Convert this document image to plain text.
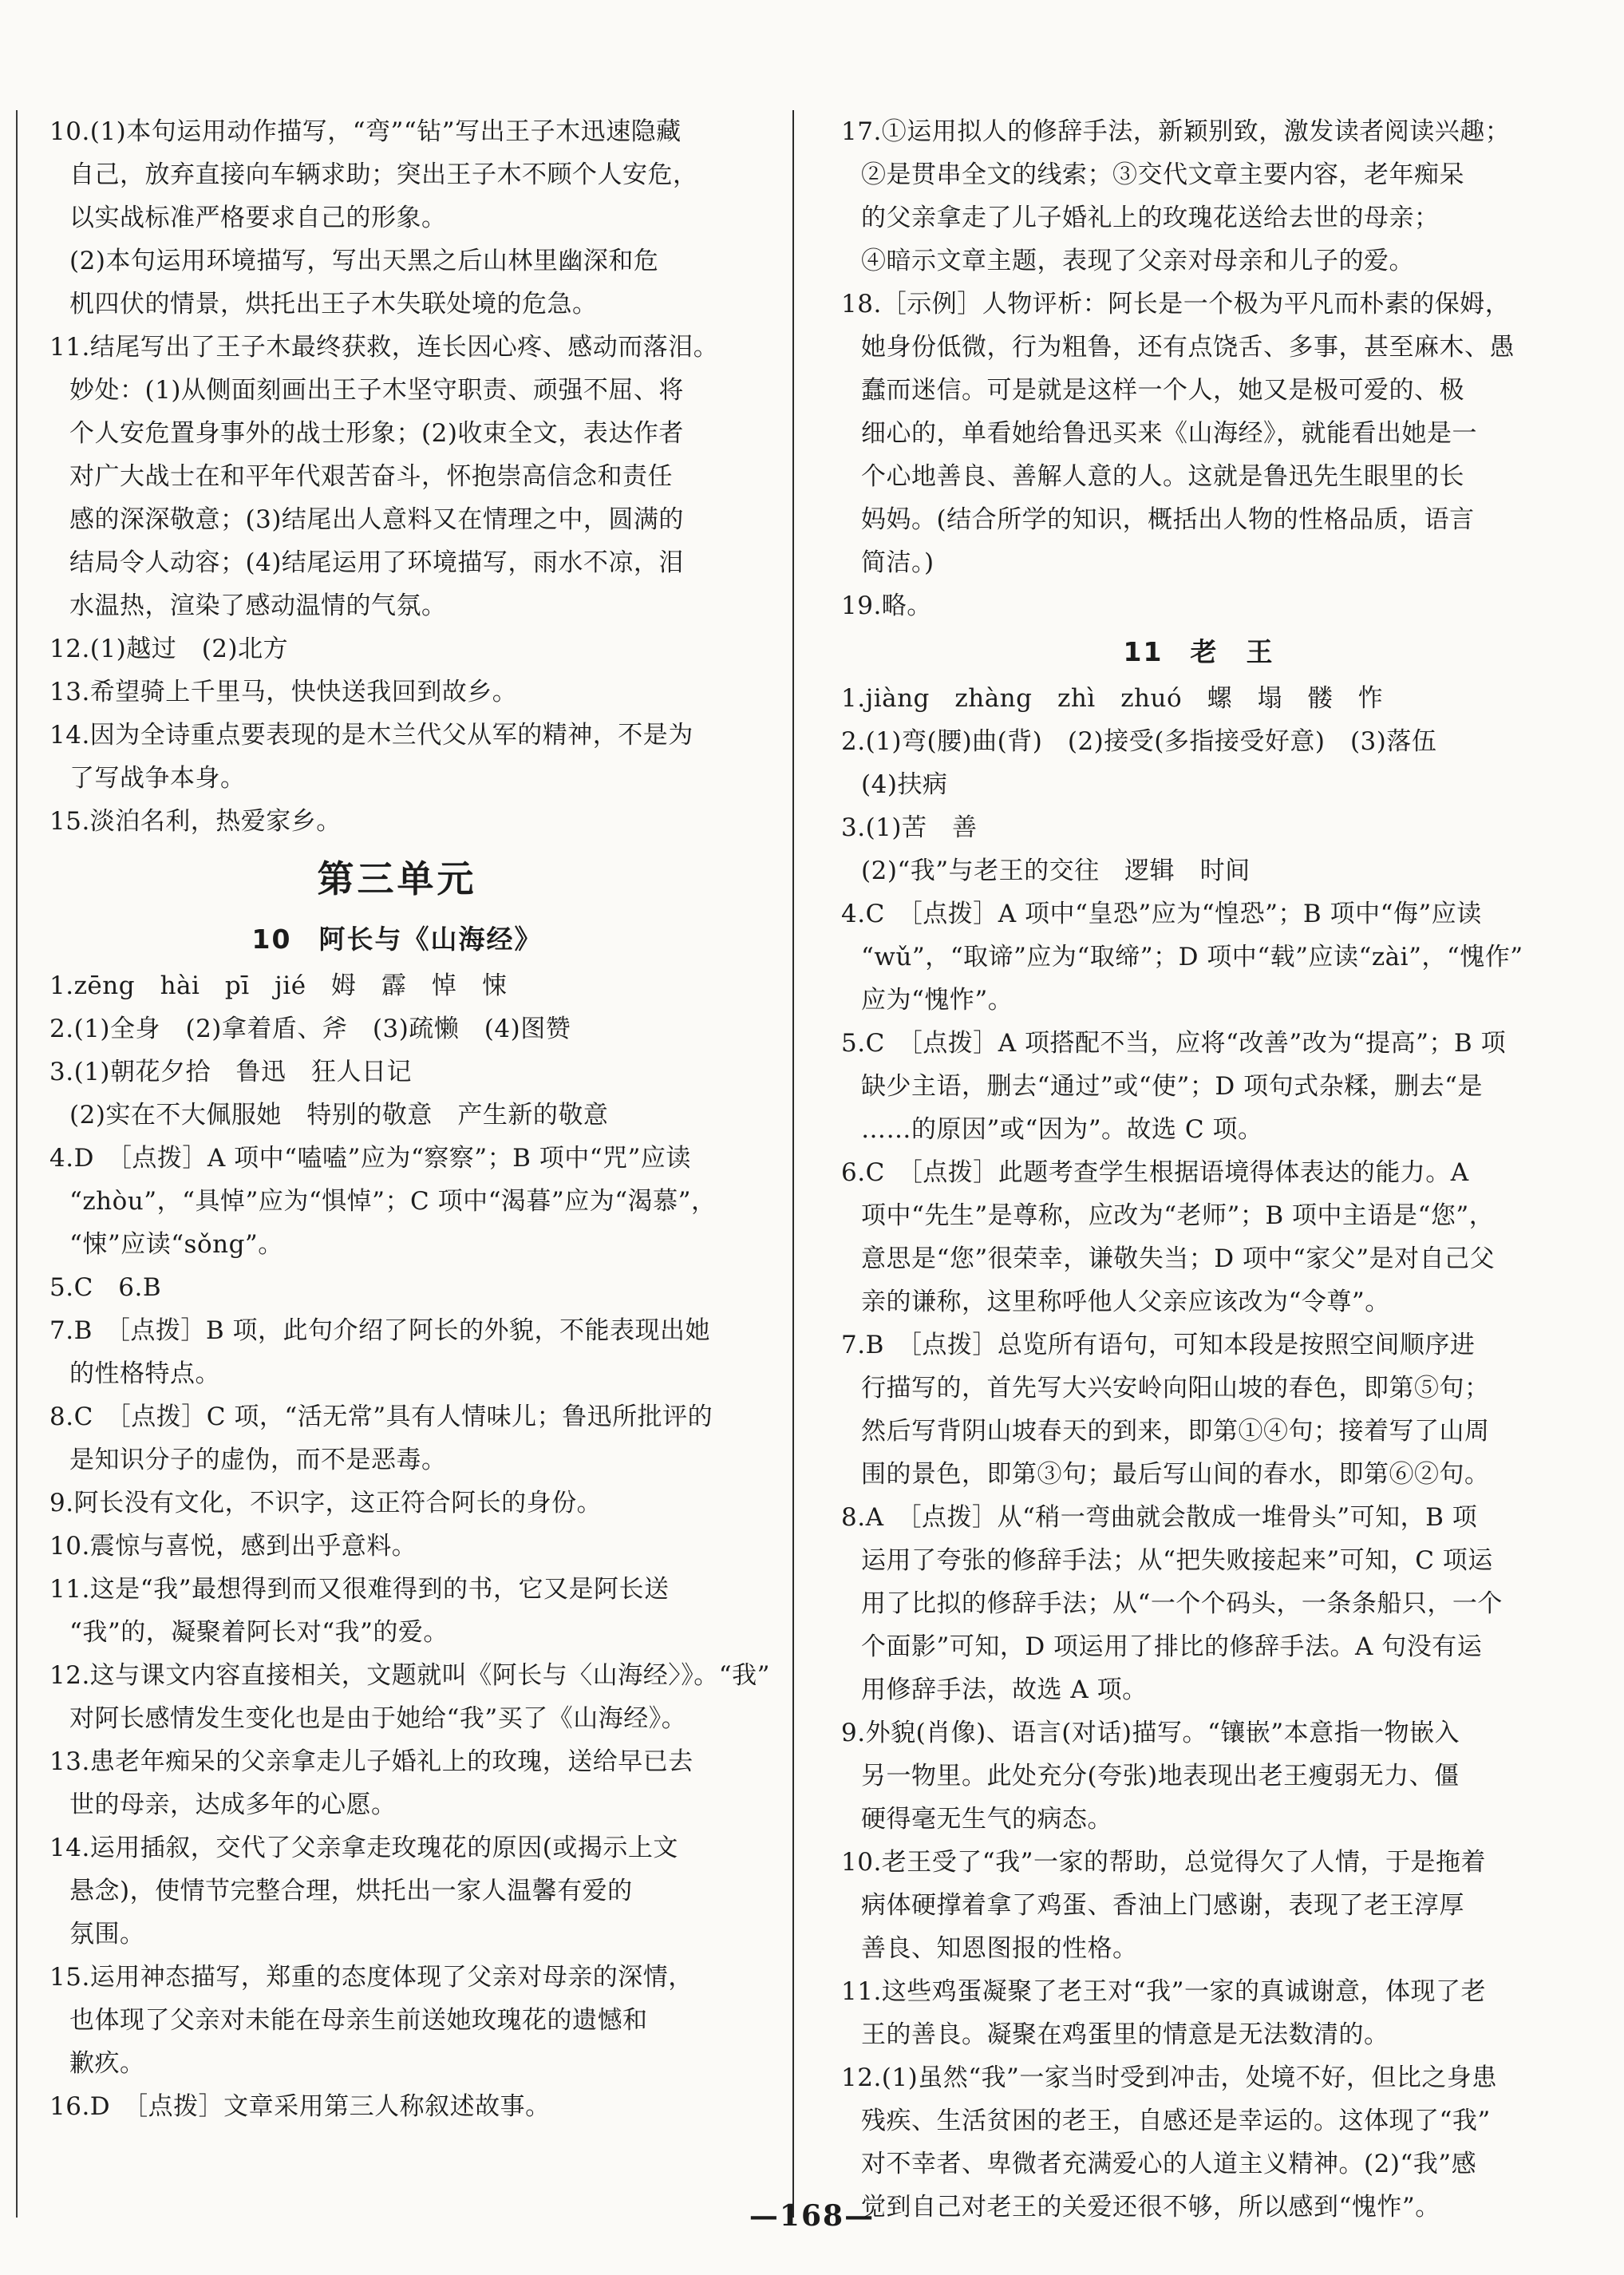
10.(1)本句运用动作描写，“弯”“钻”写出王子木迅速隐藏
自己，放弃直接向车辆求助；突出王子木不顾个人安危，
以实战标准严格要求自己的形象。
(2)本句运用环境描写，写出天黑之后山林里幽深和危
机四伏的情景，烘托出王子木失联处境的危急。
11.结尾写出了王子木最终获救，连长因心疼、感动而落泪。
妙处：(1)从侧面刻画出王子木坚守职责、顽强不屈、将
个人安危置身事外的战士形象；(2)收束全文，表达作者
对广大战士在和平年代艰苦奋斗，怀抱崇高信念和责任
感的深深敬意；(3)结尾出人意料又在情理之中，圆满的
结局令人动容；(4)结尾运用了环境描写，雨水不凉，泪
水温热，渲染了感动温情的气氛。
12.(1)越过　(2)北方
13.希望骑上千里马，快快送我回到故乡。
14.因为全诗重点要表现的是木兰代父从军的精神，不是为
了写战争本身。
15.淡泊名利，热爱家乡。
第三单元
10 阿长与《山海经》
1.zēng　hài　pī　jié　姆　霹　悼　悚
2.(1)全身　(2)拿着盾、斧　(3)疏懒　(4)图赞
3.(1)朝花夕拾　鲁迅　狂人日记
(2)实在不大佩服她　特别的敬意　产生新的敬意
4.D　［点拨］A 项中“嗑嗑”应为“察察”；B 项中“咒”应读
“zhòu”，“具悼”应为“惧悼”；C 项中“渴暮”应为“渴慕”，
“悚”应读“sǒng”。
5.C　6.B
7.B　［点拨］B 项，此句介绍了阿长的外貌，不能表现出她
的性格特点。
8.C　［点拨］C 项，“活无常”具有人情味儿；鲁迅所批评的
是知识分子的虚伪，而不是恶毒。
9.阿长没有文化，不识字，这正符合阿长的身份。
10.震惊与喜悦，感到出乎意料。
11.这是“我”最想得到而又很难得到的书，它又是阿长送
“我”的，凝聚着阿长对“我”的爱。
12.这与课文内容直接相关，文题就叫《阿长与〈山海经〉》。“我”
对阿长感情发生变化也是由于她给“我”买了《山海经》。
13.患老年痴呆的父亲拿走儿子婚礼上的玫瑰，送给早已去
世的母亲，达成多年的心愿。
14.运用插叙，交代了父亲拿走玫瑰花的原因(或揭示上文
悬念)，使情节完整合理，烘托出一家人温馨有爱的
氛围。
15.运用神态描写，郑重的态度体现了父亲对母亲的深情，
也体现了父亲对未能在母亲生前送她玫瑰花的遗憾和
歉疚。
16.D　［点拨］文章采用第三人称叙述故事。
17.①运用拟人的修辞手法，新颖别致，激发读者阅读兴趣；
②是贯串全文的线索；③交代文章主要内容，老年痴呆
的父亲拿走了儿子婚礼上的玫瑰花送给去世的母亲；
④暗示文章主题，表现了父亲对母亲和儿子的爱。
18.［示例］人物评析：阿长是一个极为平凡而朴素的保姆，
她身份低微，行为粗鲁，还有点饶舌、多事，甚至麻木、愚
蠢而迷信。可是就是这样一个人，她又是极可爱的、极
细心的，单看她给鲁迅买来《山海经》，就能看出她是一
个心地善良、善解人意的人。这就是鲁迅先生眼里的长
妈妈。(结合所学的知识，概括出人物的性格品质，语言
简洁。)
19.略。
11 老　王
1.jiàng　zhàng　zhì　zhuó　螺　塌　髅　怍
2.(1)弯(腰)曲(背)　(2)接受(多指接受好意)　(3)落伍
(4)扶病
3.(1)苦　善
(2)“我”与老王的交往　逻辑　时间
4.C　［点拨］A 项中“皇恐”应为“惶恐”；B 项中“侮”应读
“wǔ”，“取谛”应为“取缔”；D 项中“载”应读“zài”，“愧作”
应为“愧怍”。
5.C　［点拨］A 项搭配不当，应将“改善”改为“提高”；B 项
缺少主语，删去“通过”或“使”；D 项句式杂糅，删去“是
……的原因”或“因为”。故选 C 项。
6.C　［点拨］此题考查学生根据语境得体表达的能力。A
项中“先生”是尊称，应改为“老师”；B 项中主语是“您”，
意思是“您”很荣幸，谦敬失当；D 项中“家父”是对自己父
亲的谦称，这里称呼他人父亲应该改为“令尊”。
7.B　［点拨］总览所有语句，可知本段是按照空间顺序进
行描写的，首先写大兴安岭向阳山坡的春色，即第⑤句；
然后写背阴山坡春天的到来，即第①④句；接着写了山周
围的景色，即第③句；最后写山间的春水，即第⑥②句。
8.A　［点拨］从“稍一弯曲就会散成一堆骨头”可知，B 项
运用了夸张的修辞手法；从“把失败接起来”可知，C 项运
用了比拟的修辞手法；从“一个个码头，一条条船只，一个
个面影”可知，D 项运用了排比的修辞手法。A 句没有运
用修辞手法，故选 A 项。
9.外貌(肖像)、语言(对话)描写。“镶嵌”本意指一物嵌入
另一物里。此处充分(夸张)地表现出老王瘦弱无力、僵
硬得毫无生气的病态。
10.老王受了“我”一家的帮助，总觉得欠了人情，于是拖着
病体硬撑着拿了鸡蛋、香油上门感谢，表现了老王淳厚
善良、知恩图报的性格。
11.这些鸡蛋凝聚了老王对“我”一家的真诚谢意，体现了老
王的善良。凝聚在鸡蛋里的情意是无法数清的。
12.(1)虽然“我”一家当时受到冲击，处境不好，但比之身患
残疾、生活贫困的老王，自感还是幸运的。这体现了“我”
对不幸者、卑微者充满爱心的人道主义精神。(2)“我”感
觉到自己对老王的关爱还很不够，所以感到“愧怍”。
—168—
